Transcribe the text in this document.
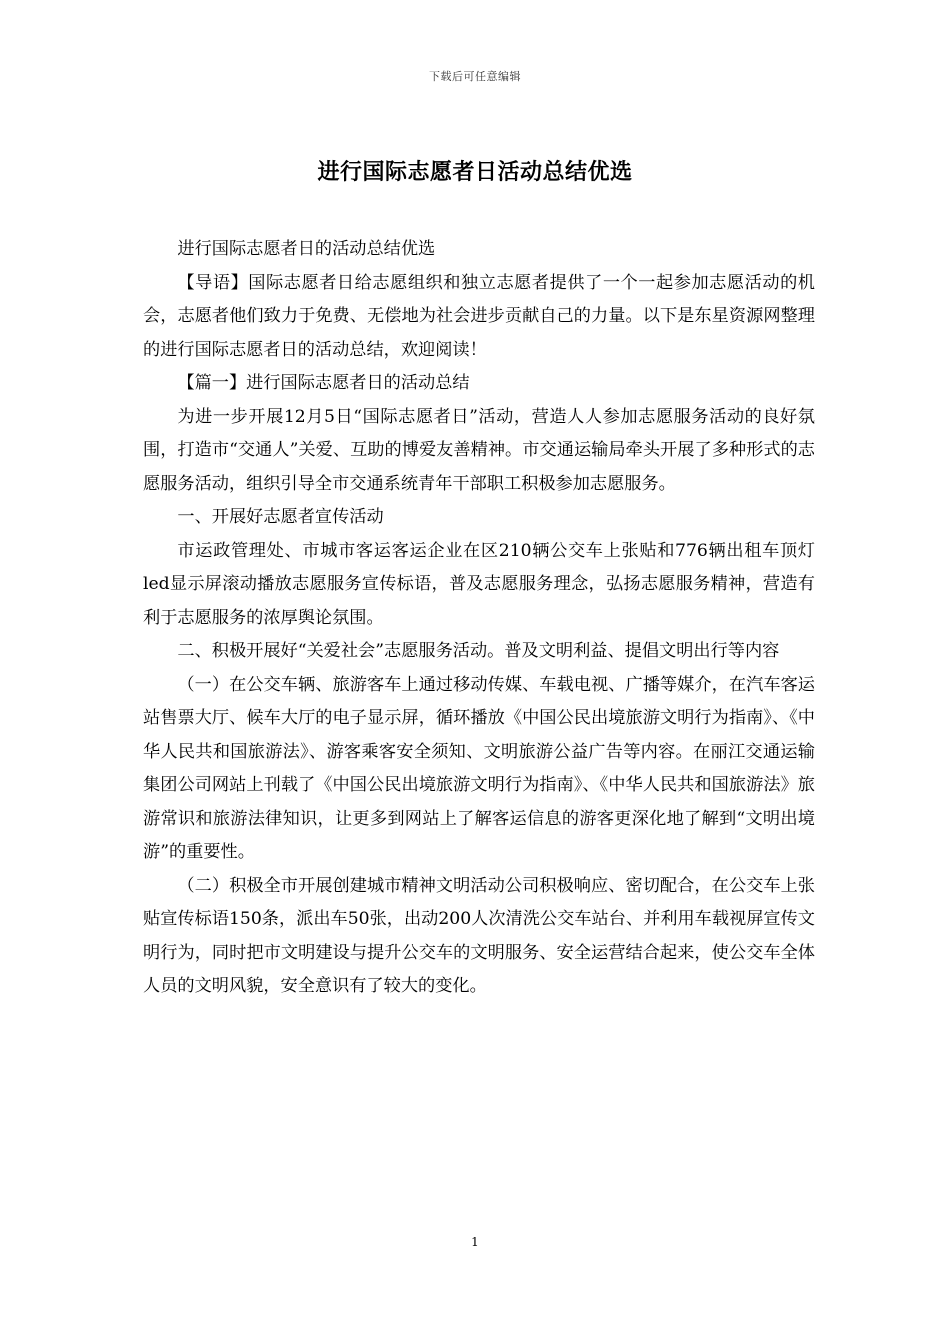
下载后可任意编辑
进行国际志愿者日活动总结优选

进行国际志愿者日的活动总结优选

【导语】国际志愿者日给志愿组织和独立志愿者提供了一个一起参加志愿活动的机会，志愿者他们致力于免费、无偿地为社会进步贡献自己的力量。以下是东星资源网整理的进行国际志愿者日的活动总结，欢迎阅读！

【篇一】进行国际志愿者日的活动总结

为进一步开展12月5日“国际志愿者日”活动，营造人人参加志愿服务活动的良好氛围，打造市“交通人”关爱、互助的博爱友善精神。市交通运输局牵头开展了多种形式的志愿服务活动，组织引导全市交通系统青年干部职工积极参加志愿服务。

一、开展好志愿者宣传活动

市运政管理处、市城市客运客运企业在区210辆公交车上张贴和776辆出租车顶灯led显示屏滚动播放志愿服务宣传标语，普及志愿服务理念，弘扬志愿服务精神，营造有利于志愿服务的浓厚舆论氛围。

二、积极开展好“关爱社会”志愿服务活动。普及文明利益、提倡文明出行等内容

（一）在公交车辆、旅游客车上通过移动传媒、车载电视、广播等媒介，在汽车客运站售票大厅、候车大厅的电子显示屏，循环播放《中国公民出境旅游文明行为指南》、《中华人民共和国旅游法》、游客乘客安全须知、文明旅游公益广告等内容。在丽江交通运输集团公司网站上刊载了《中国公民出境旅游文明行为指南》、《中华人民共和国旅游法》旅游常识和旅游法律知识，让更多到网站上了解客运信息的游客更深化地了解到“文明出境游”的重要性。

（二）积极全市开展创建城市精神文明活动公司积极响应、密切配合，在公交车上张贴宣传标语150条，派出车50张，出动200人次清洗公交车站台、并利用车载视屏宣传文明行为，同时把市文明建设与提升公交车的文明服务、安全运营结合起来，使公交车全体人员的文明风貌，安全意识有了较大的变化。

1
